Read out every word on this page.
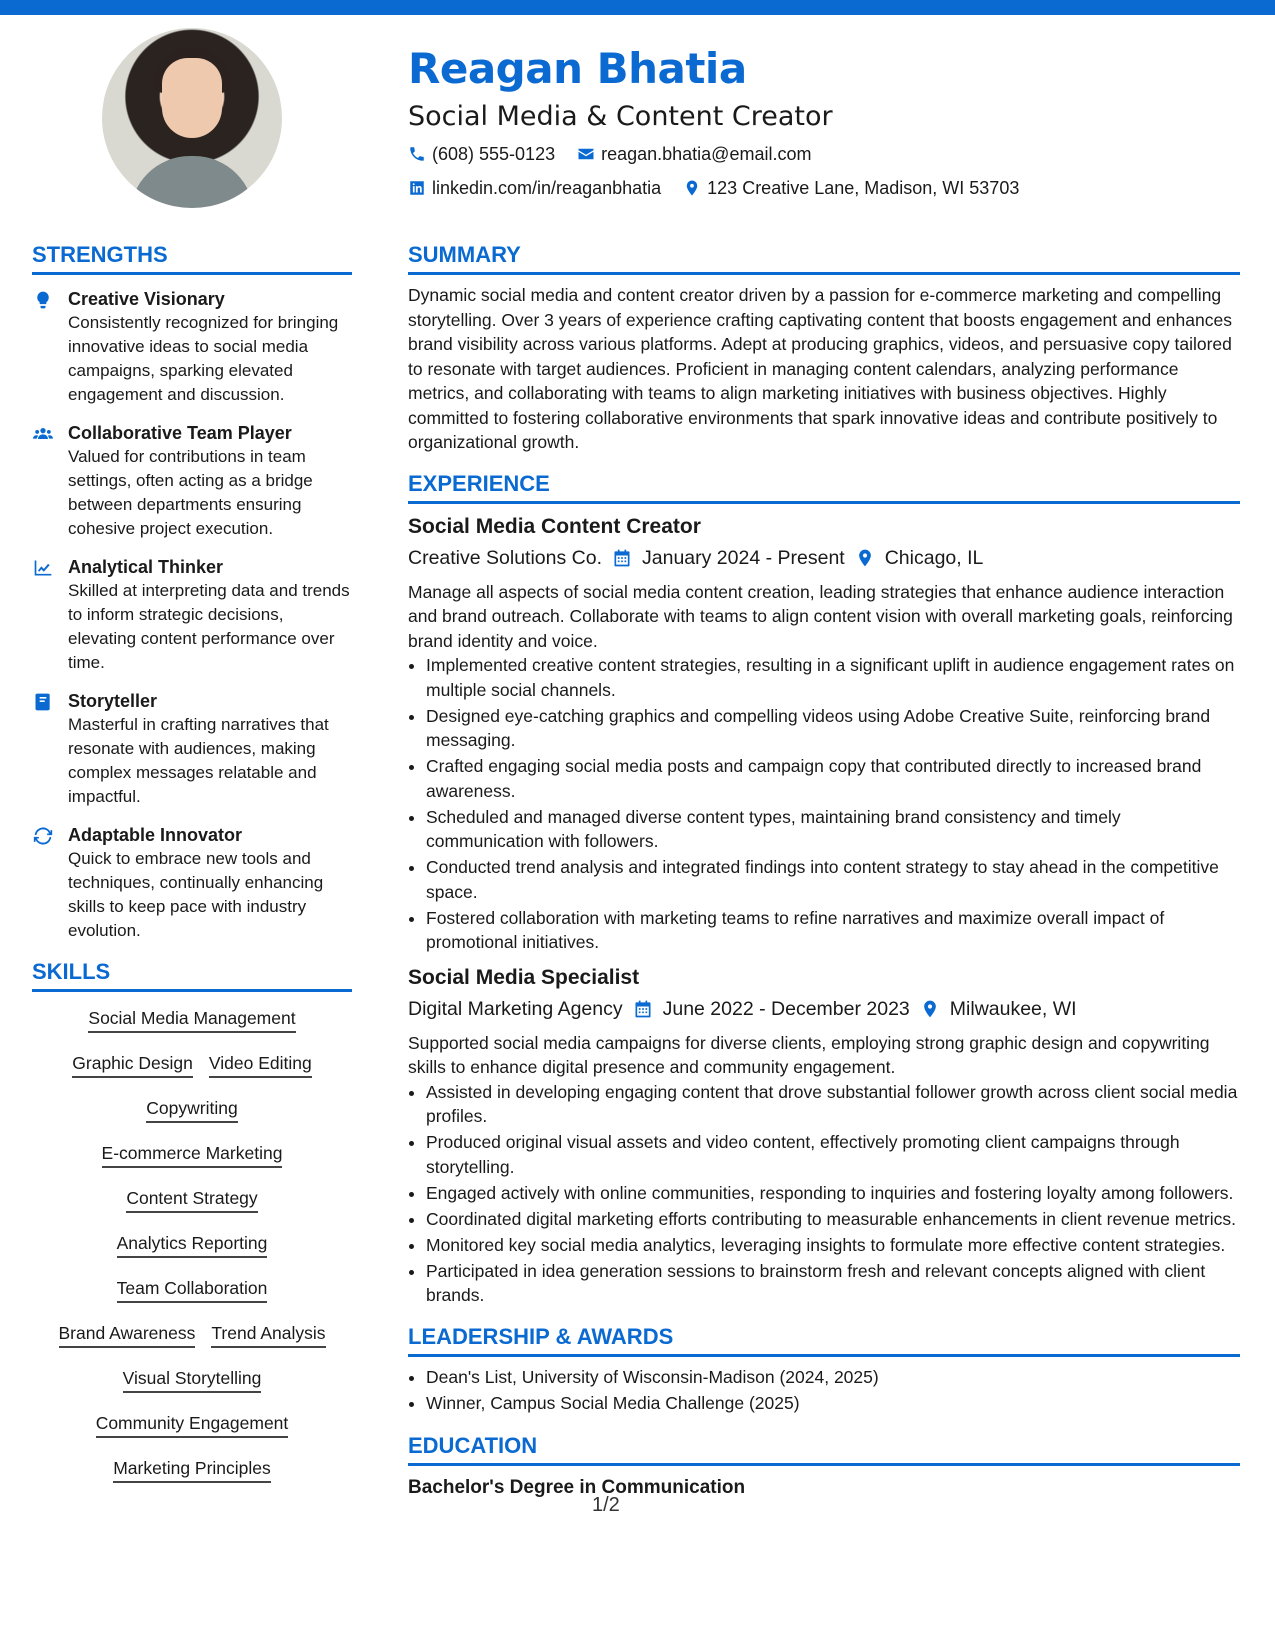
Reagan Bhatia
Social Media & Content Creator
(608) 555-0123	reagan.bhatia@email.com
linkedin.com/in/reaganbhatia	123 Creative Lane, Madison, WI 53703
STRENGTHS
Creative Visionary
Consistently recognized for bringing innovative ideas to social media campaigns, sparking elevated engagement and discussion.
Collaborative Team Player
Valued for contributions in team settings, often acting as a bridge between departments ensuring cohesive project execution.
Analytical Thinker
Skilled at interpreting data and trends to inform strategic decisions, elevating content performance over time.
Storyteller
Masterful in crafting narratives that resonate with audiences, making complex messages relatable and impactful.
Adaptable Innovator
Quick to embrace new tools and techniques, continually enhancing skills to keep pace with industry evolution.
SKILLS
Social Media Management
Graphic Design Video Editing
Copywriting
E-commerce Marketing
Content Strategy
Analytics Reporting
Team Collaboration
Brand Awareness Trend Analysis
Visual Storytelling
Community Engagement
Marketing Principles
SUMMARY

Dynamic social media and content creator driven by a passion for e-commerce marketing and compelling storytelling. Over 3 years of experience crafting captivating content that boosts engagement and enhances brand visibility across various platforms. Adept at producing graphics, videos, and persuasive copy tailored to resonate with target audiences. Proficient in managing content calendars, analyzing performance metrics, and collaborating with teams to align marketing initiatives with business objectives. Highly committed to fostering collaborative environments that spark innovative ideas and contribute positively to organizational growth.

EXPERIENCE
Social Media Content Creator
Creative Solutions Co. January 2024 - Present Chicago, IL

Manage all aspects of social media content creation, leading strategies that enhance audience interaction and brand outreach. Collaborate with teams to align content vision with overall marketing goals, reinforcing brand identity and voice.

• Implemented creative content strategies, resulting in a significant uplift in audience engagement rates on multiple social channels.
• Designed eye-catching graphics and compelling videos using Adobe Creative Suite, reinforcing brand messaging.
• Crafted engaging social media posts and campaign copy that contributed directly to increased brand awareness.
• Scheduled and managed diverse content types, maintaining brand consistency and timely communication with followers.
• Conducted trend analysis and integrated findings into content strategy to stay ahead in the competitive space.
• Fostered collaboration with marketing teams to refine narratives and maximize overall impact of promotional initiatives.
Social Media Specialist
Digital Marketing Agency June 2022 - December 2023 Milwaukee, WI

Supported social media campaigns for diverse clients, employing strong graphic design and copywriting skills to enhance digital presence and community engagement.

• Assisted in developing engaging content that drove substantial follower growth across client social media profiles.
• Produced original visual assets and video content, effectively promoting client campaigns through storytelling.
• Engaged actively with online communities, responding to inquiries and fostering loyalty among followers.
• Coordinated digital marketing efforts contributing to measurable enhancements in client revenue metrics.
• Monitored key social media analytics, leveraging insights to formulate more effective content strategies.
• Participated in idea generation sessions to brainstorm fresh and relevant concepts aligned with client brands.
LEADERSHIP & AWARDS
• Dean's List, University of Wisconsin-Madison (2024, 2025)
• Winner, Campus Social Media Challenge (2025)
EDUCATION
Bachelor's Degree in Communication
1/2
